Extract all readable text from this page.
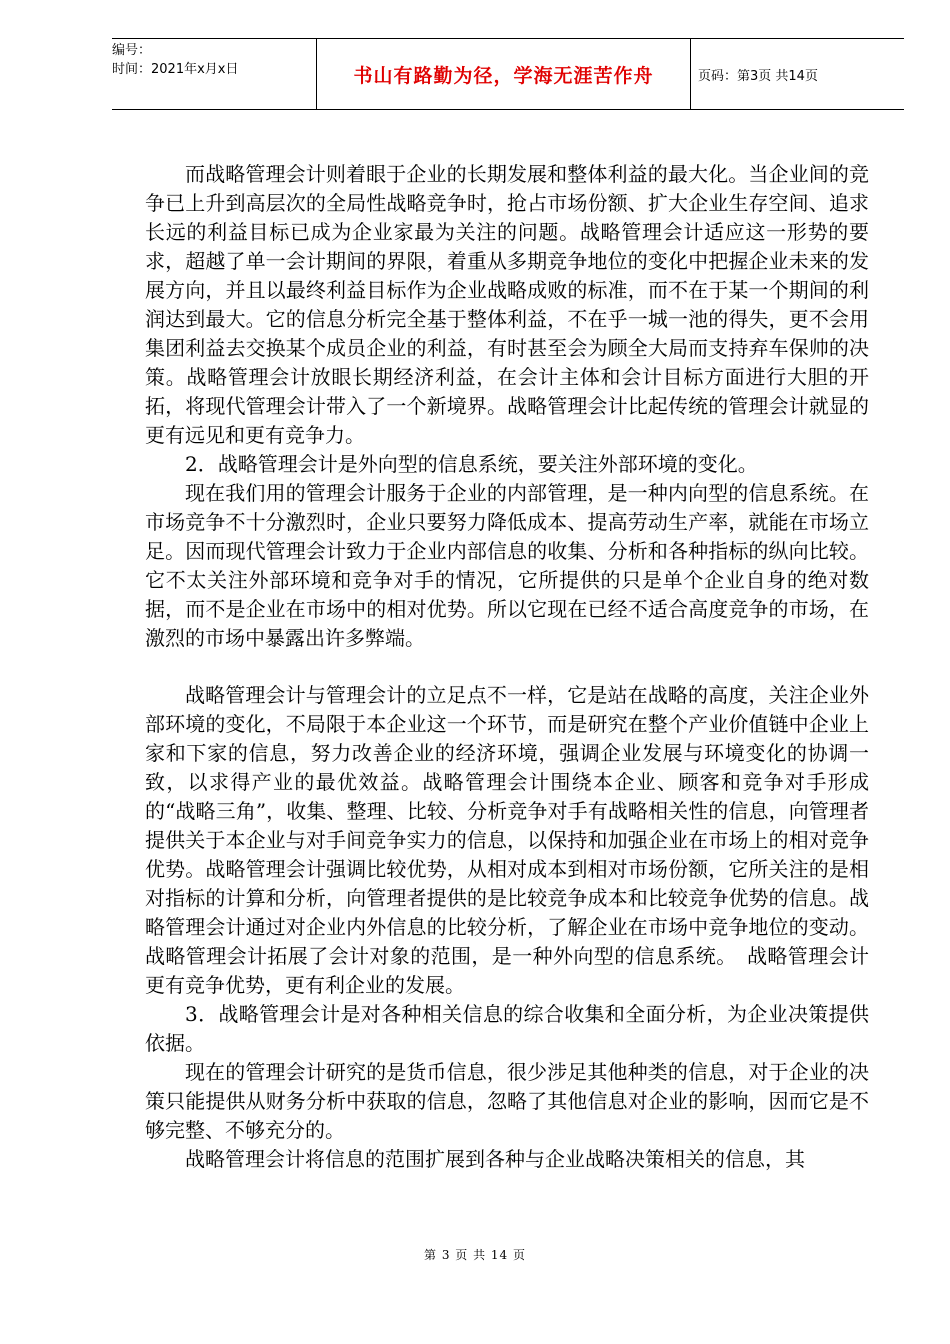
编号：
时间：2021年x月x日	书山有路勤为径，学海无涯苦作舟	页码：第3页 共14页

而战略管理会计则着眼于企业的长期发展和整体利益的最大化。当企业间的竞争已上升到高层次的全局性战略竞争时，抢占市场份额、扩大企业生存空间、追求长远的利益目标已成为企业家最为关注的问题。战略管理会计适应这一形势的要求，超越了单一会计期间的界限，着重从多期竞争地位的变化中把握企业未来的发展方向，并且以最终利益目标作为企业战略成败的标准，而不在于某一个期间的利润达到最大。它的信息分析完全基于整体利益，不在乎一城一池的得失，更不会用集团利益去交换某个成员企业的利益，有时甚至会为顾全大局而支持弃车保帅的决策。战略管理会计放眼长期经济利益，在会计主体和会计目标方面进行大胆的开拓，将现代管理会计带入了一个新境界。战略管理会计比起传统的管理会计就显的更有远见和更有竞争力。

2．战略管理会计是外向型的信息系统，要关注外部环境的变化。

现在我们用的管理会计服务于企业的内部管理，是一种内向型的信息系统。在市场竞争不十分激烈时，企业只要努力降低成本、提高劳动生产率，就能在市场立足。因而现代管理会计致力于企业内部信息的收集、分析和各种指标的纵向比较。它不太关注外部环境和竞争对手的情况，它所提供的只是单个企业自身的绝对数据，而不是企业在市场中的相对优势。所以它现在已经不适合高度竞争的市场，在激烈的市场中暴露出许多弊端。

战略管理会计与管理会计的立足点不一样，它是站在战略的高度，关注企业外部环境的变化，不局限于本企业这一个环节，而是研究在整个产业价值链中企业上家和下家的信息，努力改善企业的经济环境，强调企业发展与环境变化的协调一致，以求得产业的最优效益。战略管理会计围绕本企业、顾客和竞争对手形成的“战略三角”，收集、整理、比较、分析竞争对手有战略相关性的信息，向管理者提供关于本企业与对手间竞争实力的信息，以保持和加强企业在市场上的相对竞争优势。战略管理会计强调比较优势，从相对成本到相对市场份额，它所关注的是相对指标的计算和分析，向管理者提供的是比较竞争成本和比较竞争优势的信息。战略管理会计通过对企业内外信息的比较分析，了解企业在市场中竞争地位的变动。战略管理会计拓展了会计对象的范围，是一种外向型的信息系统。　战略管理会计更有竞争优势，更有利企业的发展。

3．战略管理会计是对各种相关信息的综合收集和全面分析，为企业决策提供依据。

现在的管理会计研究的是货币信息，很少涉足其他种类的信息，对于企业的决策只能提供从财务分析中获取的信息，忽略了其他信息对企业的影响，因而它是不够完整、不够充分的。

战略管理会计将信息的范围扩展到各种与企业战略决策相关的信息，其

第 3 页 共 14 页
